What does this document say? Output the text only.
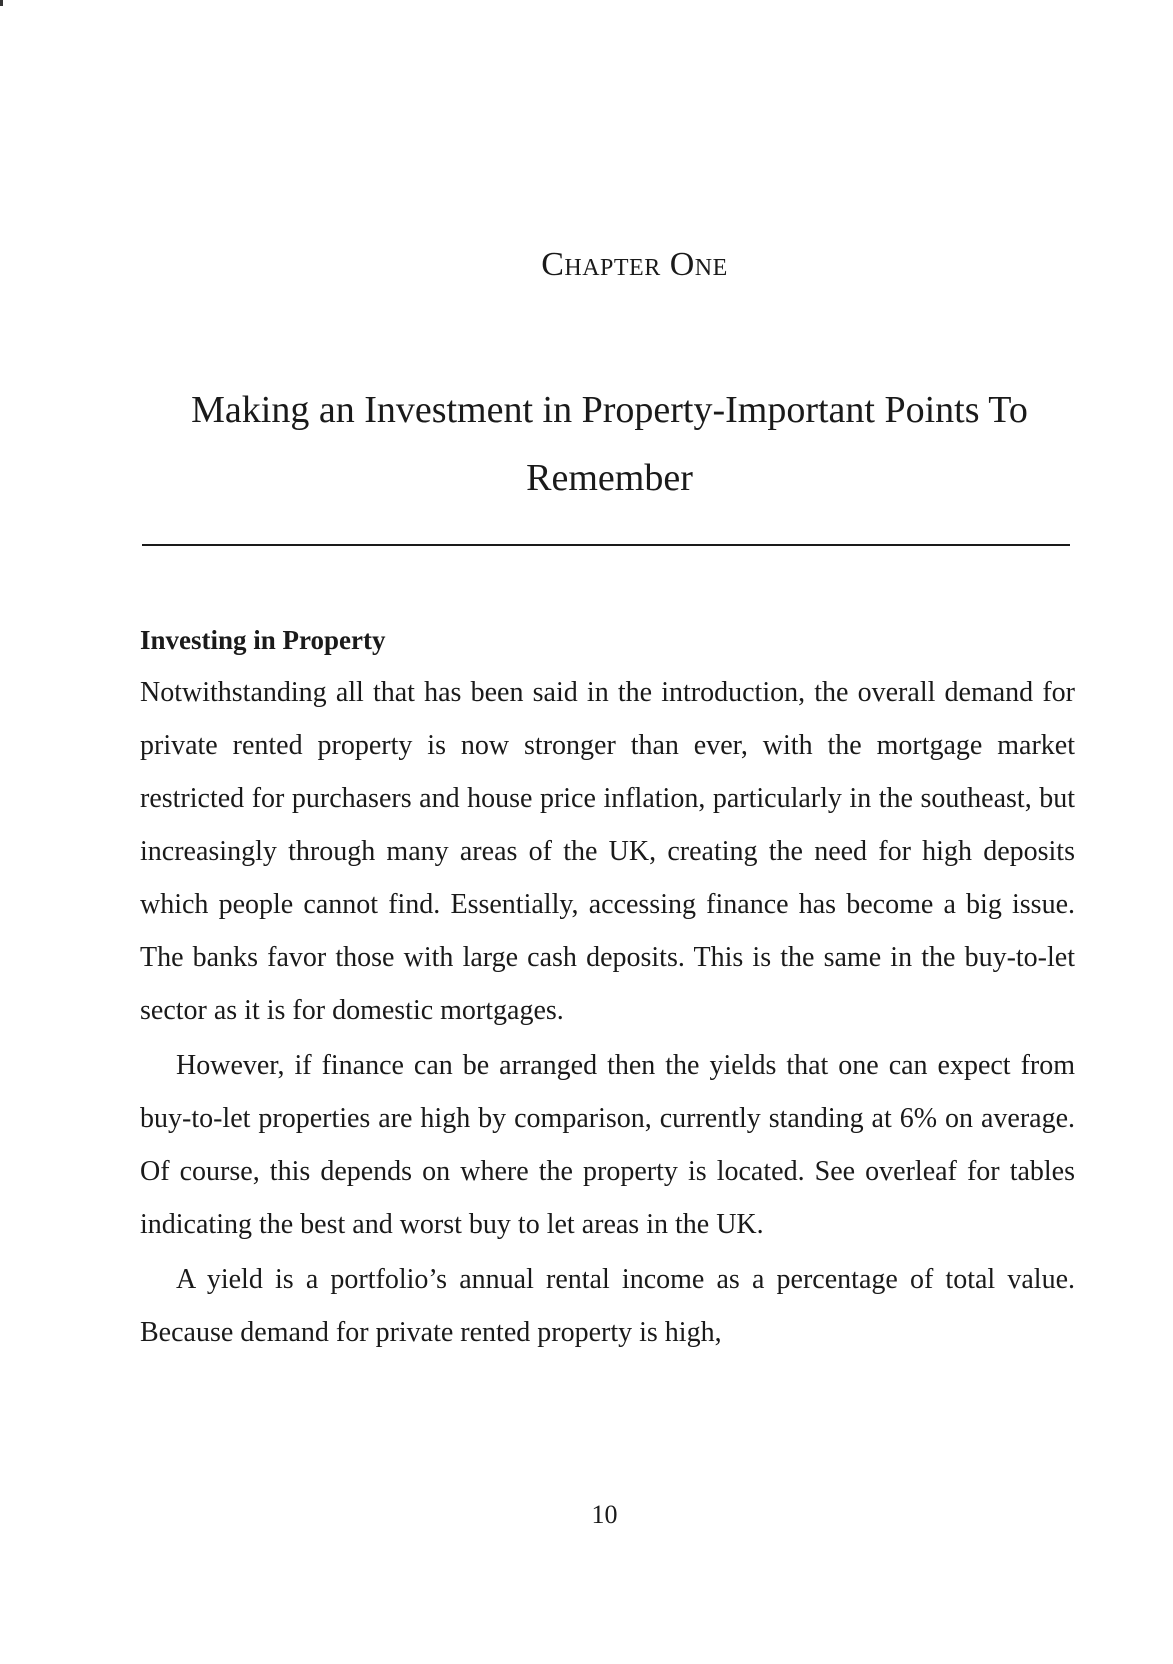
Chapter One
Making an Investment in Property-Important Points To Remember
Investing in Property

Notwithstanding all that has been said in the introduction, the overall demand for private rented property is now stronger than ever, with the mortgage market restricted for purchasers and house price inflation, particularly in the southeast, but increasingly through many areas of the UK, creating the need for high deposits which people cannot find. Essentially, accessing finance has become a big issue. The banks favor those with large cash deposits. This is the same in the buy-to-let sector as it is for domestic mortgages.

However, if finance can be arranged then the yields that one can expect from buy-to-let properties are high by comparison, currently standing at 6% on average. Of course, this depends on where the property is located. See overleaf for tables indicating the best and worst buy to let areas in the UK.

A yield is a portfolio’s annual rental income as a percentage of total value. Because demand for private rented property is high,

10
